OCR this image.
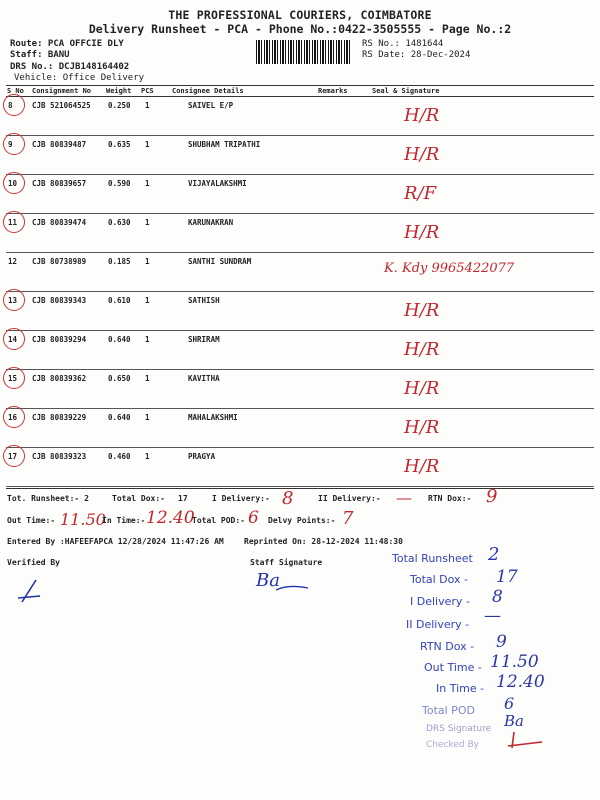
THE PROFESSIONAL COURIERS, COIMBATORE
Delivery Runsheet - PCA - Phone No.:0422-3505555 - Page No.:2
Route: PCA OFFCIE DLY
Staff: BANU
DRS No.: DCJB148164402
Vehicle: Office Delivery
RS No.: 1481644
RS Date: 28-Dec-2024
S No Consignment No Weight PCS	Consignee Details	Remarks	Seal & Signature
8	CJB 521064525 0.250 1	SAIVEL E/P	H/R
9	CJB 80839487	0.635 1	SHUBHAM TRIPATHI	H/R
10 CJB 80839657	0.590 1	VIJAYALAKSHMI	R/F
11 CJB 80839474	0.630 1	KARUNAKRAN	H/R
12 CJB 80738989	0.185 1	SANTHI SUNDRAM	K. Kdy 9965422077
13 CJB 80839343	0.610 1	SATHISH	H/R
14 CJB 80839294	0.640 1	SHRIRAM	H/R
15 CJB 80839362	0.650 1	KAVITHA	H/R
16 CJB 80839229	0.640 1	MAHALAKSHMI	H/R
17 CJB 80839323	0.460 1	PRAGYA	H/R
Tot. Runsheet:- 2	Total Dox:- 17	I Delivery:- 8	II Delivery:- — RTN Dox:- 9
Out Time:- 11.50
In Time:- 12.40
Total POD:- 6 Delvy Points:- 7
Entered By :HAFEEFAPCA 12/28/2024 11:47:26 AM	Reprinted On: 28-12-2024 11:48:30
Verified By	Staff Signature
Ba
Total Runsheet 2
Total Dox - 17
I Delivery - 8
II Delivery - —
RTN Dox - 9
Out Time - 11.50
In Time - 12.40
Total POD 6
DRS Signature Ba
Checked By
